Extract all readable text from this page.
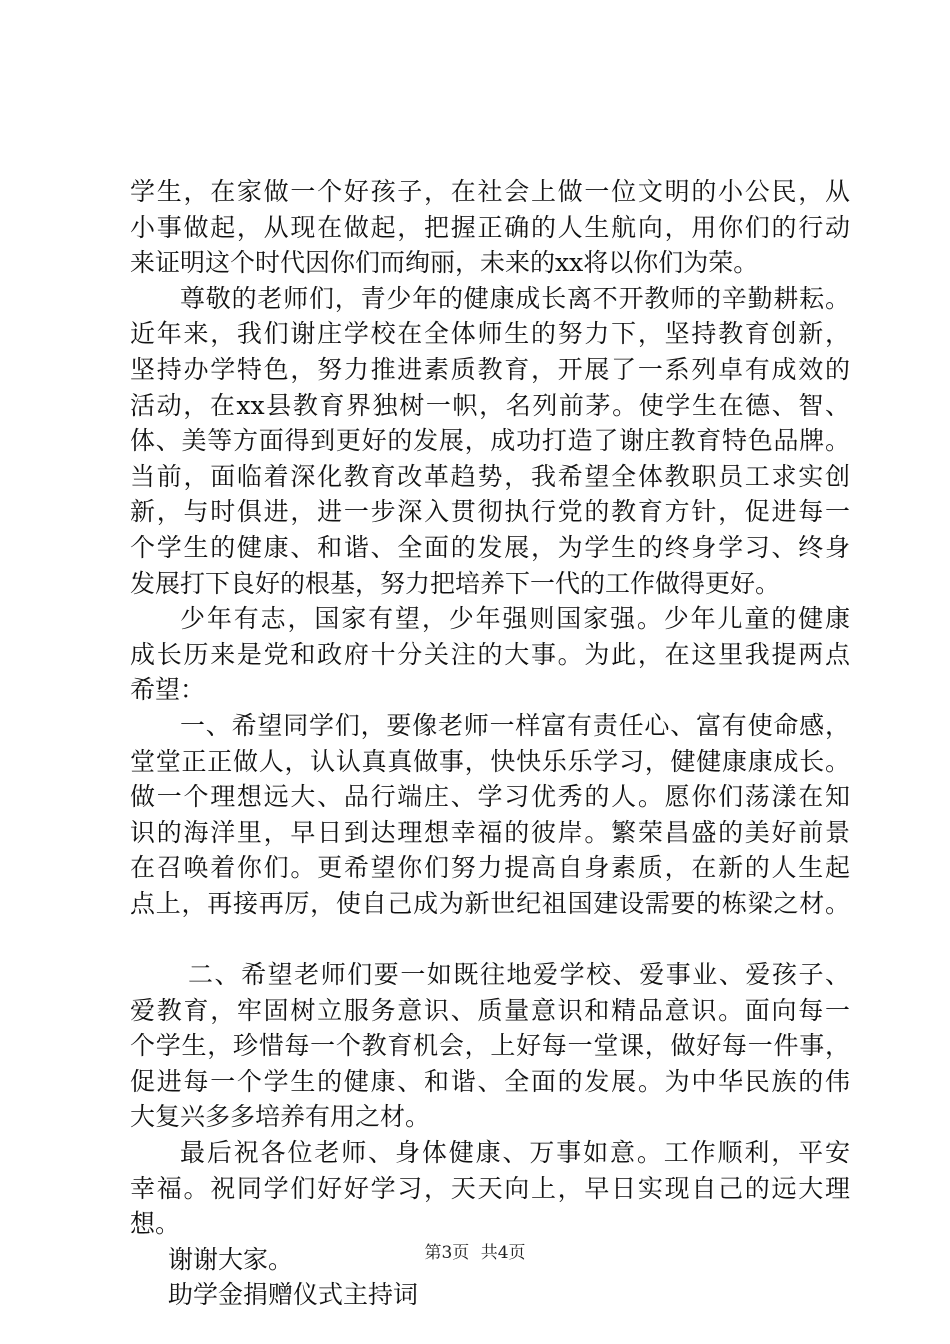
学生，在家做一个好孩子，在社会上做一位文明的小公民，从
小事做起，从现在做起，把握正确的人生航向，用你们的行动
来证明这个时代因你们而绚丽，未来的xx将以你们为荣。
尊敬的老师们，青少年的健康成长离不开教师的辛勤耕耘。
近年来，我们谢庄学校在全体师生的努力下，坚持教育创新，
坚持办学特色，努力推进素质教育，开展了一系列卓有成效的
活动，在xx县教育界独树一帜，名列前茅。使学生在德、智、
体、美等方面得到更好的发展，成功打造了谢庄教育特色品牌。
当前，面临着深化教育改革趋势，我希望全体教职员工求实创
新，与时俱进，进一步深入贯彻执行党的教育方针，促进每一
个学生的健康、和谐、全面的发展，为学生的终身学习、终身
发展打下良好的根基，努力把培养下一代的工作做得更好。
少年有志，国家有望，少年强则国家强。少年儿童的健康
成长历来是党和政府十分关注的大事。为此，在这里我提两点
希望：
一、希望同学们，要像老师一样富有责任心、富有使命感，
堂堂正正做人，认认真真做事，快快乐乐学习，健健康康成长。
做一个理想远大、品行端庄、学习优秀的人。愿你们荡漾在知
识的海洋里，早日到达理想幸福的彼岸。繁荣昌盛的美好前景
在召唤着你们。更希望你们努力提高自身素质，在新的人生起
点上，再接再厉，使自己成为新世纪祖国建设需要的栋梁之材。
二、希望老师们要一如既往地爱学校、爱事业、爱孩子、
爱教育，牢固树立服务意识、质量意识和精品意识。面向每一
个学生，珍惜每一个教育机会，上好每一堂课，做好每一件事，
促进每一个学生的健康、和谐、全面的发展。为中华民族的伟
大复兴多多培养有用之材。
最后祝各位老师、身体健康、万事如意。工作顺利，平安
幸福。祝同学们好好学习，天天向上，早日实现自己的远大理
想。
谢谢大家。
助学金捐赠仪式主持词
第3页 共4页
